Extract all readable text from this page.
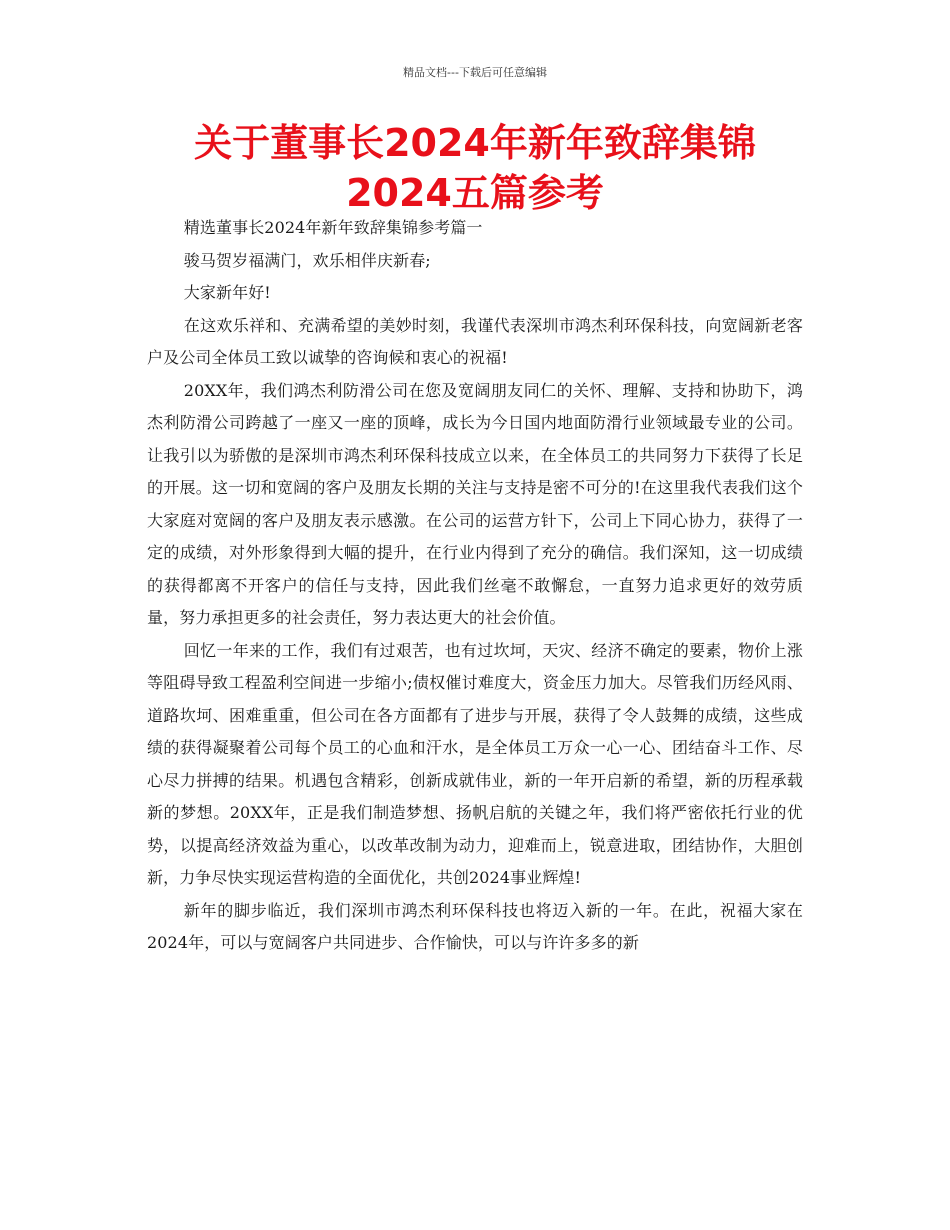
精品文档---下载后可任意编辑
关于董事长2024年新年致辞集锦2024五篇参考

精选董事长2024年新年致辞集锦参考篇一

骏马贺岁福满门，欢乐相伴庆新春;

大家新年好!

在这欢乐祥和、充满希望的美妙时刻，我谨代表深圳市鸿杰利环保科技，向宽阔新老客户及公司全体员工致以诚挚的咨询候和衷心的祝福!

20XX年，我们鸿杰利防滑公司在您及宽阔朋友同仁的关怀、理解、支持和协助下，鸿杰利防滑公司跨越了一座又一座的顶峰，成长为今日国内地面防滑行业领域最专业的公司。让我引以为骄傲的是深圳市鸿杰利环保科技成立以来，在全体员工的共同努力下获得了长足的开展。这一切和宽阔的客户及朋友长期的关注与支持是密不可分的!在这里我代表我们这个大家庭对宽阔的客户及朋友表示感激。在公司的运营方针下，公司上下同心协力，获得了一定的成绩，对外形象得到大幅的提升，在行业内得到了充分的确信。我们深知，这一切成绩的获得都离不开客户的信任与支持，因此我们丝毫不敢懈怠，一直努力追求更好的效劳质量，努力承担更多的社会责任，努力表达更大的社会价值。

回忆一年来的工作，我们有过艰苦，也有过坎坷，天灾、经济不确定的要素，物价上涨等阻碍导致工程盈利空间进一步缩小;债权催讨难度大，资金压力加大。尽管我们历经风雨、道路坎坷、困难重重，但公司在各方面都有了进步与开展，获得了令人鼓舞的成绩，这些成绩的获得凝聚着公司每个员工的心血和汗水，是全体员工万众一心一心、团结奋斗工作、尽心尽力拼搏的结果。机遇包含精彩，创新成就伟业，新的一年开启新的希望，新的历程承载新的梦想。20XX年，正是我们制造梦想、扬帆启航的关键之年，我们将严密依托行业的优势，以提高经济效益为重心，以改革改制为动力，迎难而上，锐意进取，团结协作，大胆创新，力争尽快实现运营构造的全面优化，共创2024事业辉煌!

新年的脚步临近，我们深圳市鸿杰利环保科技也将迈入新的一年。在此，祝福大家在2024年，可以与宽阔客户共同进步、合作愉快，可以与许许多多的新
